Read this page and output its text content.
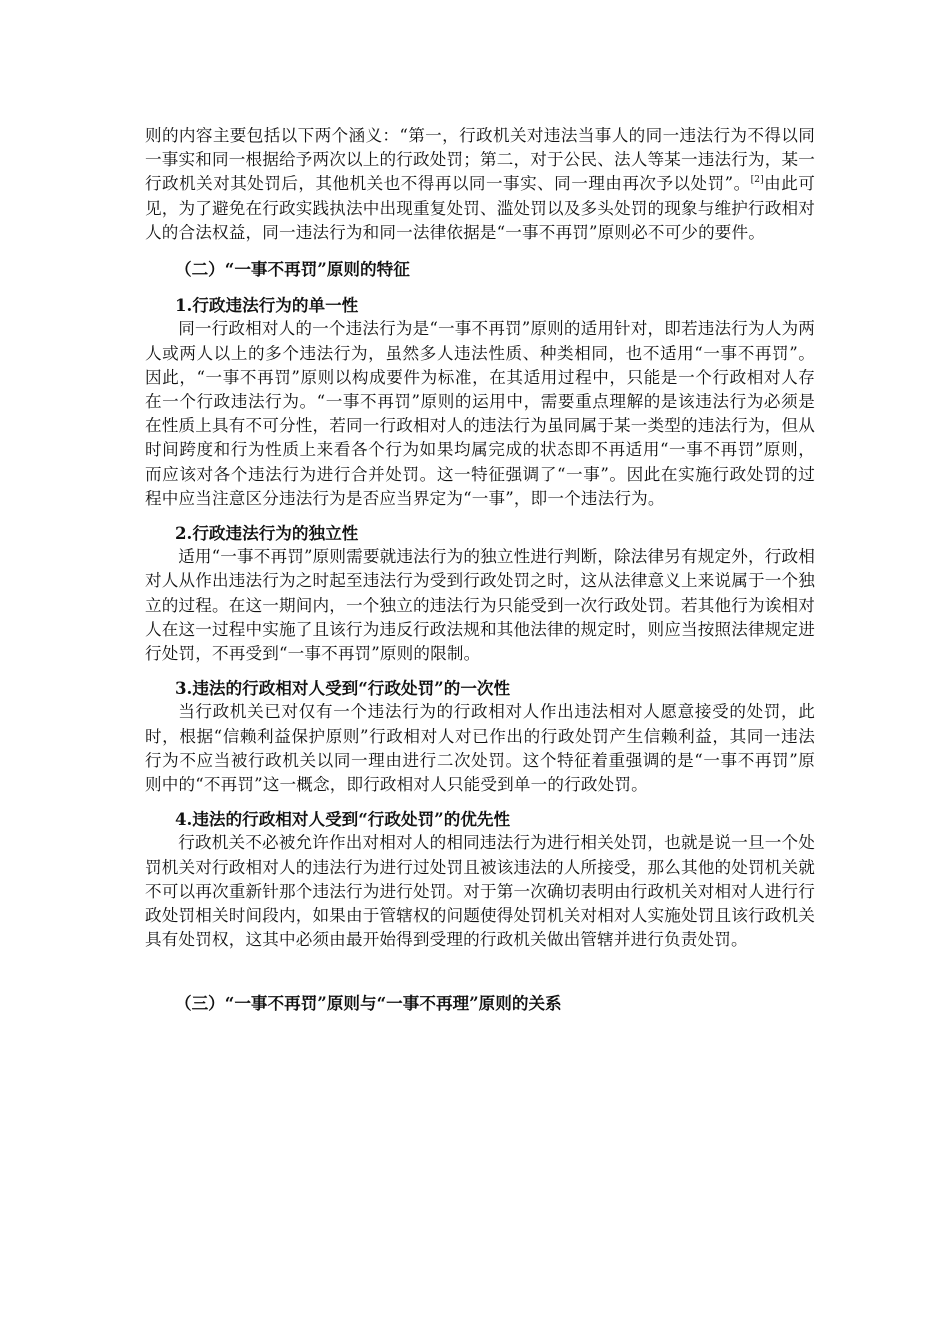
则的内容主要包括以下两个涵义：“第一，行政机关对违法当事人的同一违法行为不得以同一事实和同一根据给予两次以上的行政处罚；第二，对于公民、法人等某一违法行为，某一行政机关对其处罚后，其他机关也不得再以同一事实、同一理由再次予以处罚”。[2]由此可见，为了避免在行政实践执法中出现重复处罚、滥处罚以及多头处罚的现象与维护行政相对人的合法权益，同一违法行为和同一法律依据是“一事不再罚”原则必不可少的要件。

（二）“一事不再罚”原则的特征
1.行政违法行为的单一性

同一行政相对人的一个违法行为是“一事不再罚”原则的适用针对，即若违法行为人为两人或两人以上的多个违法行为，虽然多人违法性质、种类相同，也不适用“一事不再罚”。因此，“一事不再罚”原则以构成要件为标准，在其适用过程中，只能是一个行政相对人存在一个行政违法行为。“一事不再罚”原则的运用中，需要重点理解的是该违法行为必须是在性质上具有不可分性，若同一行政相对人的违法行为虽同属于某一类型的违法行为，但从时间跨度和行为性质上来看各个行为如果均属完成的状态即不再适用“一事不再罚”原则，而应该对各个违法行为进行合并处罚。这一特征强调了“一事”。因此在实施行政处罚的过程中应当注意区分违法行为是否应当界定为“一事”，即一个违法行为。

2.行政违法行为的独立性

适用“一事不再罚”原则需要就违法行为的独立性进行判断，除法律另有规定外，行政相对人从作出违法行为之时起至违法行为受到行政处罚之时，这从法律意义上来说属于一个独立的过程。在这一期间内，一个独立的违法行为只能受到一次行政处罚。若其他行为诶相对人在这一过程中实施了且该行为违反行政法规和其他法律的规定时，则应当按照法律规定进行处罚，不再受到“一事不再罚”原则的限制。

3.违法的行政相对人受到“行政处罚”的一次性

当行政机关已对仅有一个违法行为的行政相对人作出违法相对人愿意接受的处罚，此时，根据“信赖利益保护原则”行政相对人对已作出的行政处罚产生信赖利益，其同一违法行为不应当被行政机关以同一理由进行二次处罚。这个特征着重强调的是“一事不再罚”原则中的“不再罚”这一概念，即行政相对人只能受到单一的行政处罚。

4.违法的行政相对人受到“行政处罚”的优先性

行政机关不必被允许作出对相对人的相同违法行为进行相关处罚，也就是说一旦一个处罚机关对行政相对人的违法行为进行过处罚且被该违法的人所接受，那么其他的处罚机关就不可以再次重新针那个违法行为进行处罚。对于第一次确切表明由行政机关对相对人进行行政处罚相关时间段内，如果由于管辖权的问题使得处罚机关对相对人实施处罚且该行政机关具有处罚权，这其中必须由最开始得到受理的行政机关做出管辖并进行负责处罚。

（三）“一事不再罚”原则与“一事不再理”原则的关系
